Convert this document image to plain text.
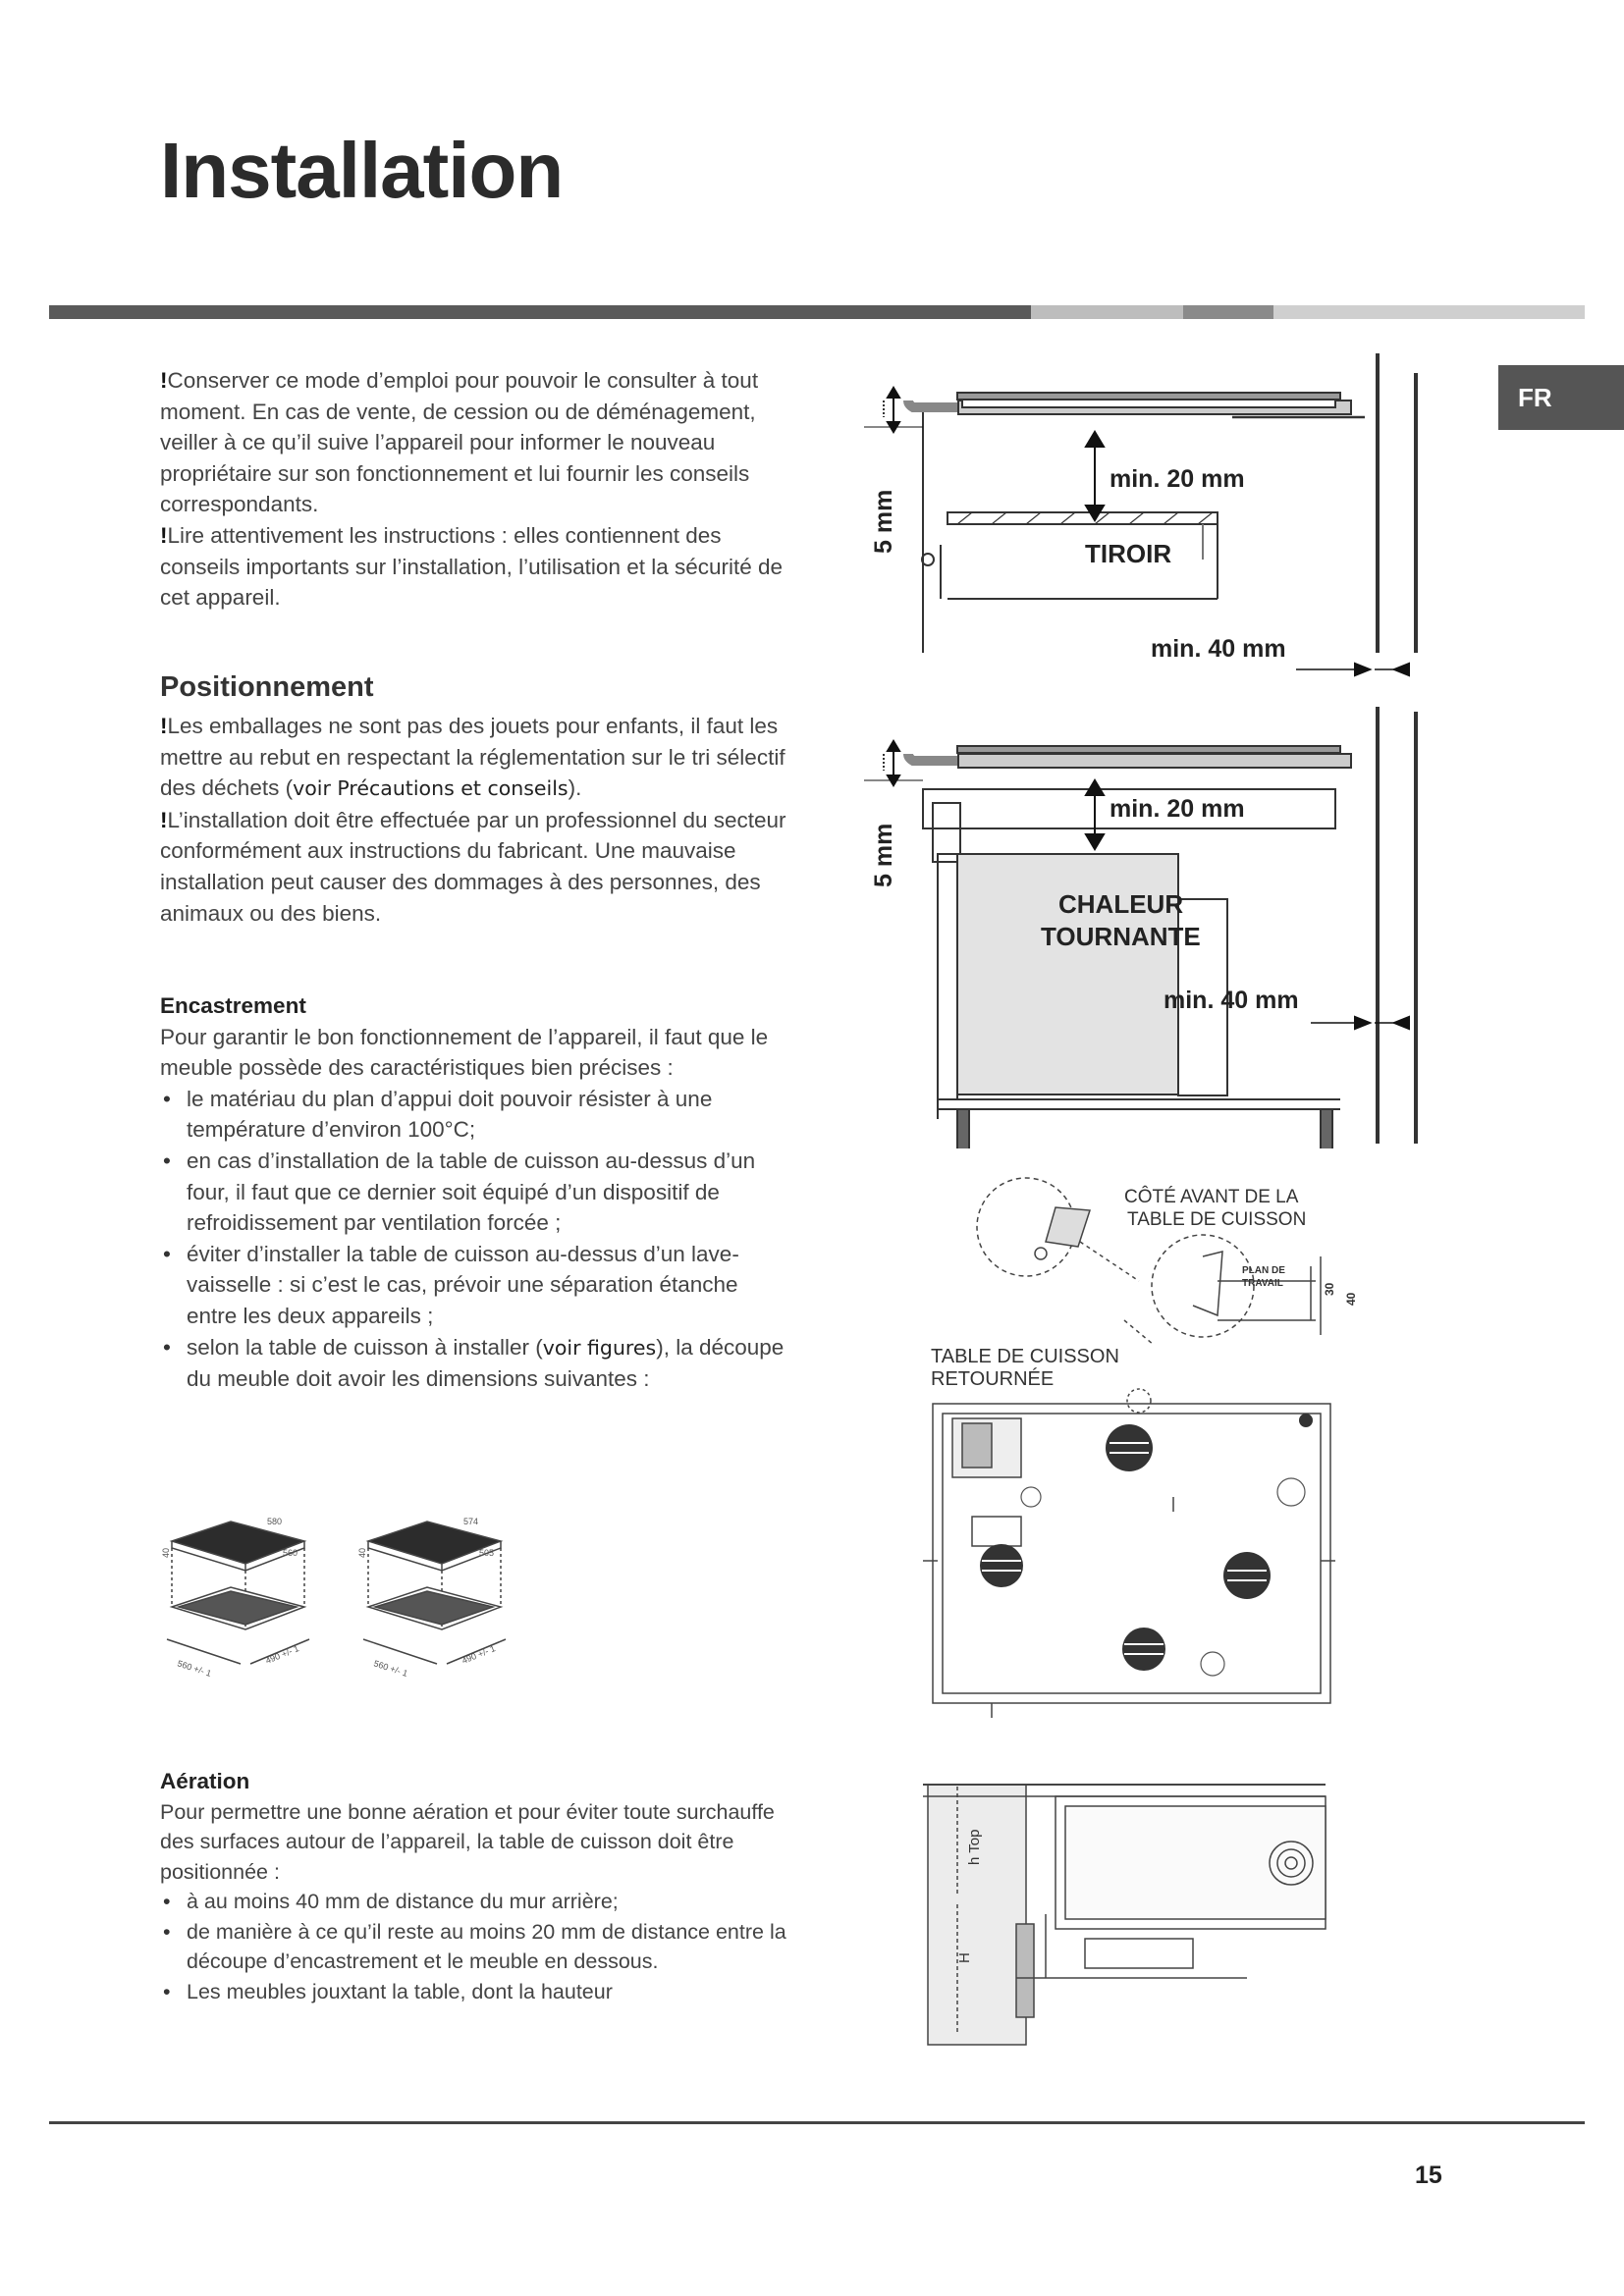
Installation
FR

!Conserver ce mode d’emploi pour pouvoir le consulter à tout moment. En cas de vente, de cession ou de déménagement, veiller à ce qu’il suive l’appareil pour informer le nouveau propriétaire sur son fonctionnement et lui fournir les conseils correspondants.

!Lire attentivement les instructions : elles contiennent des conseils importants sur l’installation, l’utilisation et la sécurité de cet appareil.

Positionnement

!Les emballages ne sont pas des jouets pour enfants, il faut les mettre au rebut en respectant la réglementation sur le tri sélectif des déchets (voir Précautions et conseils).

!L’installation doit être effectuée par un professionnel du secteur conformément aux instructions du fabricant. Une mauvaise installation peut causer des dommages à des personnes, des animaux ou des biens.

Encastrement

Pour garantir le bon fonctionnement de l’appareil, il faut que le meuble possède des caractéristiques bien précises :

• le matériau du plan d’appui doit pouvoir résister à une température d’environ 100°C;
• en cas d’installation de la table de cuisson au-dessus d’un four, il faut que ce dernier soit équipé d’un dispositif de refroidissement par ventilation forcée ;
• éviter d’installer la table de cuisson au-dessus d’un lave-vaisselle : si c’est le cas, prévoir une séparation étanche entre les deux appareils ;
• selon la table de cuisson à installer (voir figures), la découpe du meuble doit avoir les dimensions suivantes :
580
560
40
560 +/- 1
490 +/- 1
574
505
40
560 +/- 1
490 +/- 1
Aération

Pour permettre une bonne aération et pour éviter toute surchauffe des surfaces autour de l’appareil, la table de cuisson doit être positionnée :

• à au moins 40 mm de distance du mur arrière;
• de manière à ce qu’il reste au moins 20 mm de distance entre la découpe d’encastrement et le meuble en dessous.
• Les meubles jouxtant la table, dont la hauteur
5 mm
min. 20 mm
TIROIR
min. 40 mm
5 mm
min. 20 mm
CHALEUR
TOURNANTE
min. 40 mm
CÔTÉ AVANT DE LA
TABLE DE CUISSON
PLAN DE
TRAVAIL	30
40
TABLE DE CUISSON
RETOURNÉE
h Top
H
15
